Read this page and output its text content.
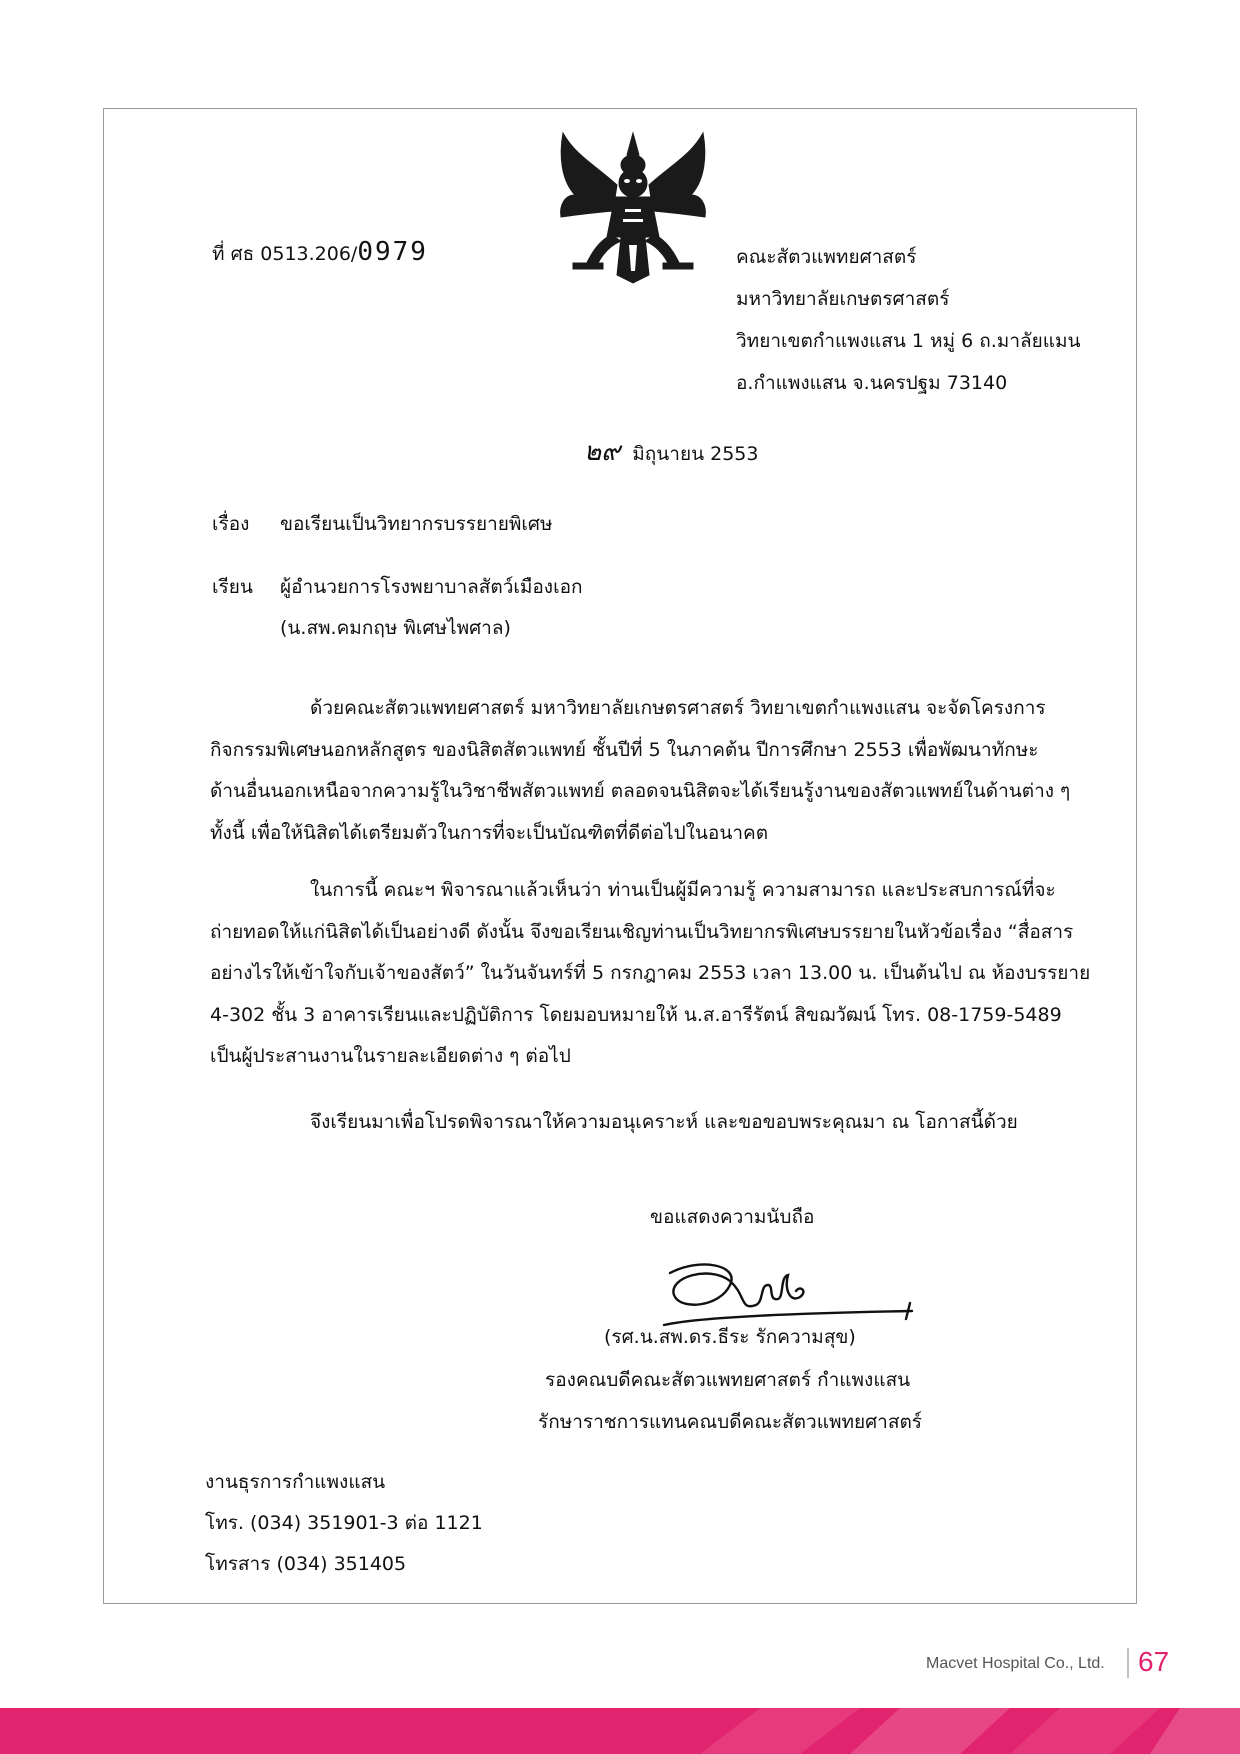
ที่ ศธ 0513.206/0979	คณะสัตวแพทยศาสตร์
มหาวิทยาลัยเกษตรศาสตร์
วิทยาเขตกำแพงแสน 1 หมู่ 6 ถ.มาลัยแมน
อ.กำแพงแสน จ.นครปฐม 73140
๒๙ มิถุนายน 2553
เรื่อง ขอเรียนเป็นวิทยากรบรรยายพิเศษ
เรียน ผู้อำนวยการโรงพยาบาลสัตว์เมืองเอก
(น.สพ.คมกฤษ พิเศษไพศาล)

ด้วยคณะสัตวแพทยศาสตร์ มหาวิทยาลัยเกษตรศาสตร์ วิทยาเขตกำแพงแสน จะจัดโครงการ

กิจกรรมพิเศษนอกหลักสูตร ของนิสิตสัตวแพทย์ ชั้นปีที่ 5 ในภาคต้น ปีการศึกษา 2553 เพื่อพัฒนาทักษะ

ด้านอื่นนอกเหนือจากความรู้ในวิชาชีพสัตวแพทย์ ตลอดจนนิสิตจะได้เรียนรู้งานของสัตวแพทย์ในด้านต่าง ๆ

ทั้งนี้ เพื่อให้นิสิตได้เตรียมตัวในการที่จะเป็นบัณฑิตที่ดีต่อไปในอนาคต

ในการนี้ คณะฯ พิจารณาแล้วเห็นว่า ท่านเป็นผู้มีความรู้ ความสามารถ และประสบการณ์ที่จะ

ถ่ายทอดให้แก่นิสิตได้เป็นอย่างดี ดังนั้น จึงขอเรียนเชิญท่านเป็นวิทยากรพิเศษบรรยายในหัวข้อเรื่อง “สื่อสาร

อย่างไรให้เข้าใจกับเจ้าของสัตว์” ในวันจันทร์ที่ 5 กรกฎาคม 2553 เวลา 13.00 น. เป็นต้นไป ณ ห้องบรรยาย

4-302 ชั้น 3 อาคารเรียนและปฏิบัติการ โดยมอบหมายให้ น.ส.อารีรัตน์ สิขฌวัฒน์ โทร. 08-1759-5489

เป็นผู้ประสานงานในรายละเอียดต่าง ๆ ต่อไป

จึงเรียนมาเพื่อโปรดพิจารณาให้ความอนุเคราะห์ และขอขอบพระคุณมา ณ โอกาสนี้ด้วย
ขอแสดงความนับถือ
(รศ.น.สพ.ดร.ธีระ รักความสุข)
รองคณบดีคณะสัตวแพทยศาสตร์ กำแพงแสน
รักษาราชการแทนคณบดีคณะสัตวแพทยศาสตร์
งานธุรการกำแพงแสน
โทร. (034) 351901-3 ต่อ 1121
โทรสาร (034) 351405
Macvet Hospital Co., Ltd. 67
